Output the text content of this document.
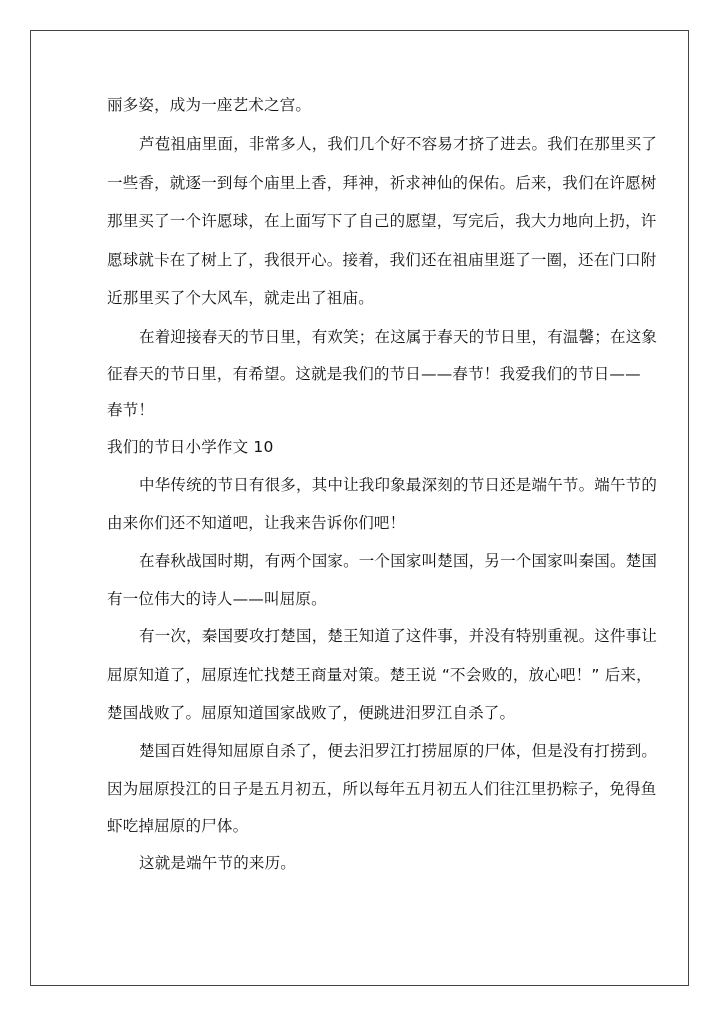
丽多姿，成为一座艺术之宫。
芦苞祖庙里面，非常多人，我们几个好不容易才挤了进去。我们在那里买了
一些香，就逐一到每个庙里上香，拜神，祈求神仙的保佑。后来，我们在许愿树
那里买了一个许愿球，在上面写下了自己的愿望，写完后，我大力地向上扔，许
愿球就卡在了树上了，我很开心。接着，我们还在祖庙里逛了一圈，还在门口附
近那里买了个大风车，就走出了祖庙。
在着迎接春天的节日里，有欢笑；在这属于春天的节日里，有温馨；在这象
征春天的节日里，有希望。这就是我们的节日——春节！我爱我们的节日——
春节！
我们的节日小学作文 10
中华传统的节日有很多，其中让我印象最深刻的节日还是端午节。端午节的
由来你们还不知道吧，让我来告诉你们吧！
在春秋战国时期，有两个国家。一个国家叫楚国，另一个国家叫秦国。楚国
有一位伟大的诗人——叫屈原。
有一次，秦国要攻打楚国，楚王知道了这件事，并没有特别重视。这件事让
屈原知道了，屈原连忙找楚王商量对策。楚王说 “不会败的，放心吧！” 后来，
楚国战败了。屈原知道国家战败了，便跳进汨罗江自杀了。
楚国百姓得知屈原自杀了，便去汨罗江打捞屈原的尸体，但是没有打捞到。
因为屈原投江的日子是五月初五，所以每年五月初五人们往江里扔粽子，免得鱼
虾吃掉屈原的尸体。
这就是端午节的来历。
